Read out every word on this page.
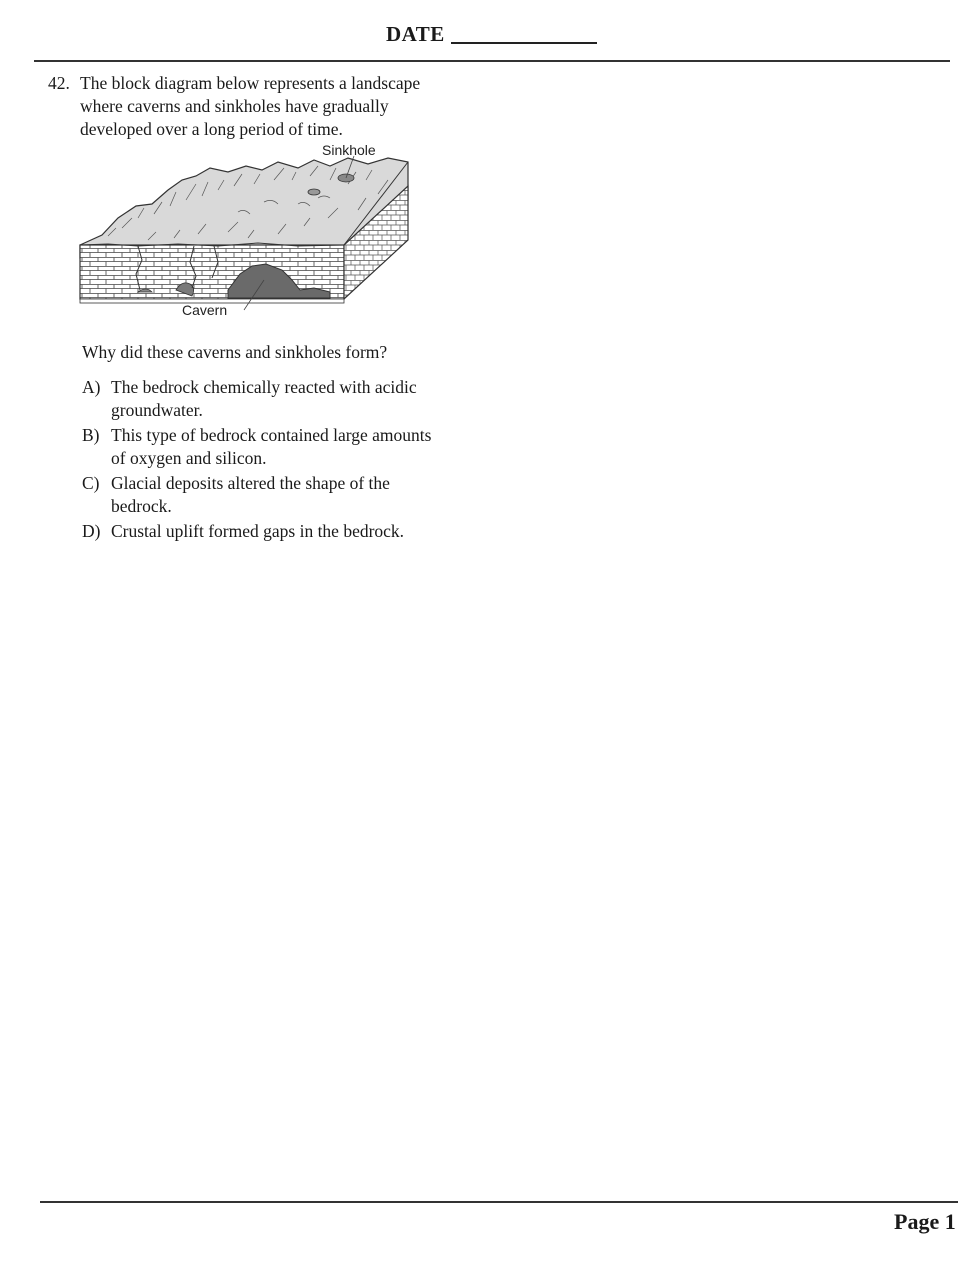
DATE
42. The block diagram below represents a landscape
where caverns and sinkholes have gradually
developed over a long period of time.
Sinkhole
Cavern
Why did these caverns and sinkholes form?
A) The bedrock chemically reacted with acidic
groundwater.
B) This type of bedrock contained large amounts
of oxygen and silicon.
C) Glacial deposits altered the shape of the
bedrock.
D) Crustal uplift formed gaps in the bedrock.
Page 1
